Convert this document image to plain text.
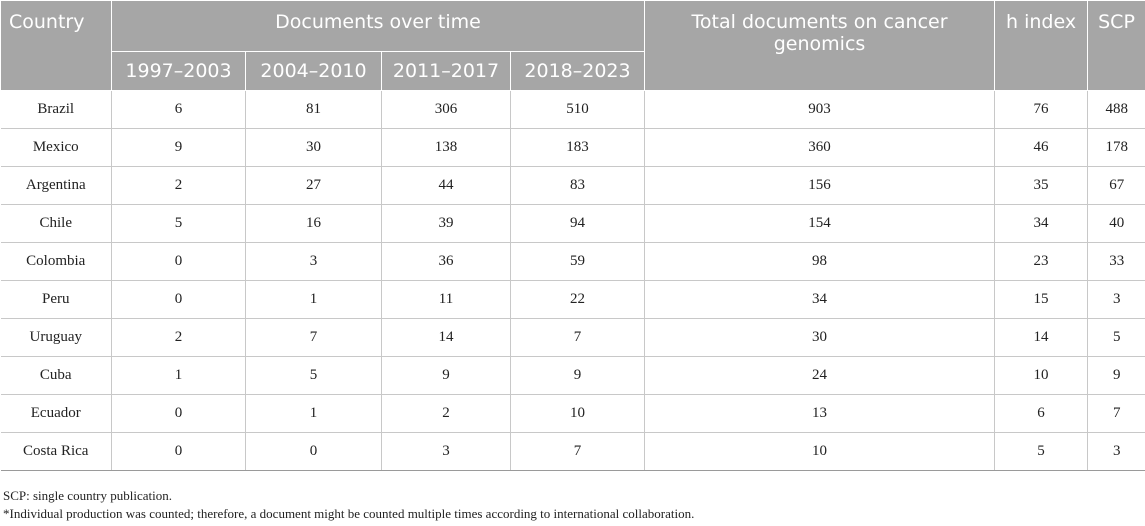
Country	Documents over time				Total documents on cancer genomics	h index	SCP
	1997–2003	2004–2010	2011–2017	2018–2023			
Brazil	6	81	306	510	903	76	488
Mexico	9	30	138	183	360	46	178
Argentina	2	27	44	83	156	35	67
Chile	5	16	39	94	154	34	40
Colombia	0	3	36	59	98	23	33
Peru	0	1	11	22	34	15	3
Uruguay	2	7	14	7	30	14	5
Cuba	1	5	9	9	24	10	9
Ecuador	0	1	2	10	13	6	7
Costa Rica	0	0	3	7	10	5	3
SCP: single country publication.
*Individual production was counted; therefore, a document might be counted multiple times according to international collaboration.
